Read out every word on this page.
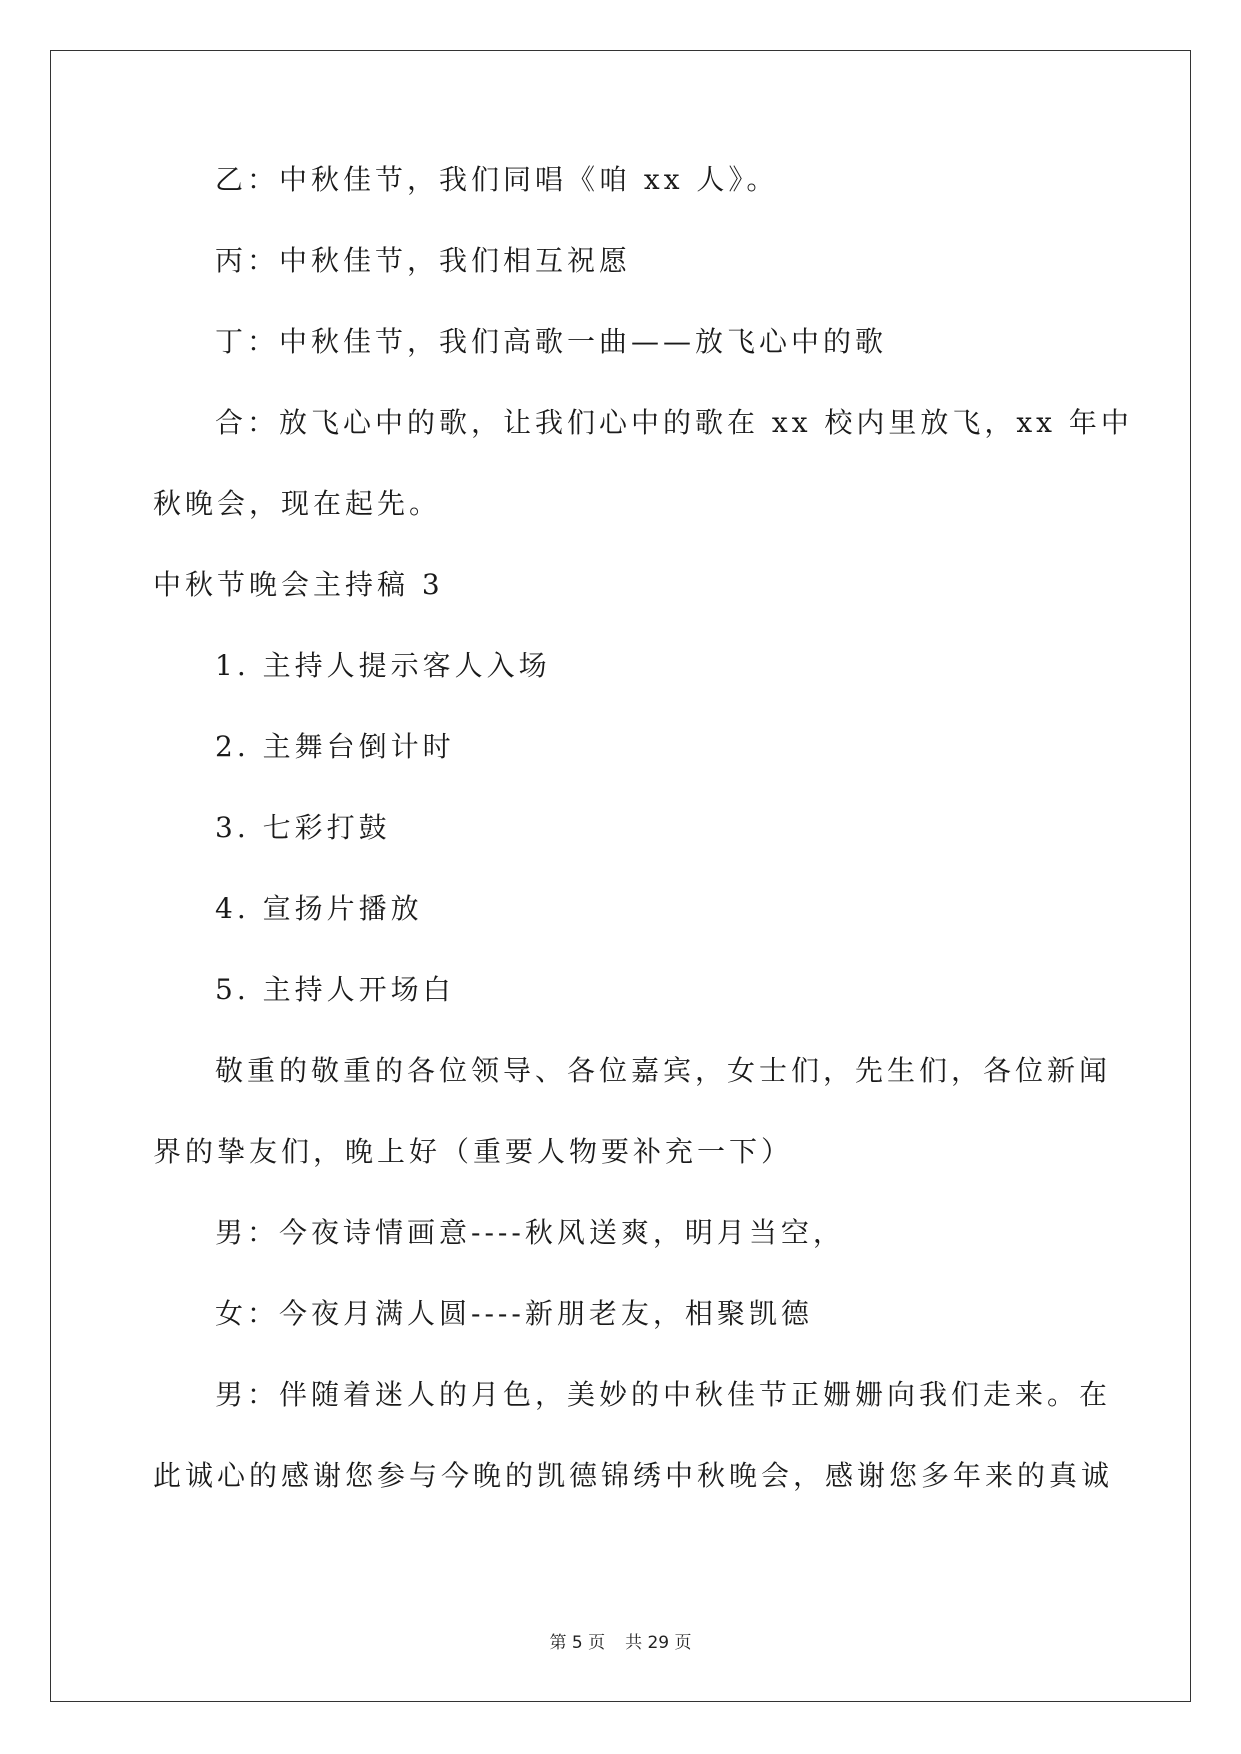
乙：中秋佳节，我们同唱《咱 xx 人》。
丙：中秋佳节，我们相互祝愿
丁：中秋佳节，我们高歌一曲——放飞心中的歌
合：放飞心中的歌，让我们心中的歌在 xx 校内里放飞，xx 年中
秋晚会，现在起先。
中秋节晚会主持稿 3
1. 主持人提示客人入场
2. 主舞台倒计时
3. 七彩打鼓
4. 宣扬片播放
5. 主持人开场白
敬重的敬重的各位领导、各位嘉宾，女士们，先生们，各位新闻
界的挚友们，晚上好（重要人物要补充一下）
男：今夜诗情画意----秋风送爽，明月当空，
女：今夜月满人圆----新朋老友，相聚凯德
男：伴随着迷人的月色，美妙的中秋佳节正姗姗向我们走来。在
此诚心的感谢您参与今晚的凯德锦绣中秋晚会，感谢您多年来的真诚
第 5 页 共 29 页
